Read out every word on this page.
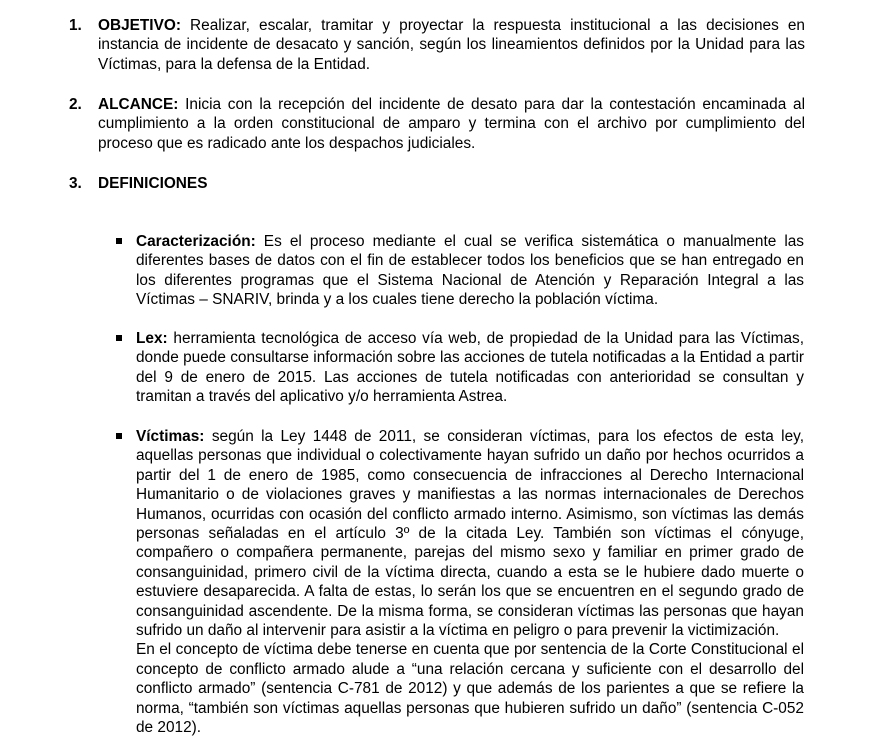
1. OBJETIVO: Realizar, escalar, tramitar y proyectar la respuesta institucional a las decisiones en instancia de incidente de desacato y sanción, según los lineamientos definidos por la Unidad para las Víctimas, para la defensa de la Entidad.
2. ALCANCE: Inicia con la recepción del incidente de desato para dar la contestación encaminada al cumplimiento a la orden constitucional de amparo y termina con el archivo por cumplimiento del proceso que es radicado ante los despachos judiciales.
3. DEFINICIONES
Caracterización: Es el proceso mediante el cual se verifica sistemática o manualmente las diferentes bases de datos con el fin de establecer todos los beneficios que se han entregado en los diferentes programas que el Sistema Nacional de Atención y Reparación Integral a las Víctimas – SNARIV, brinda y a los cuales tiene derecho la población víctima.
Lex: herramienta tecnológica de acceso vía web, de propiedad de la Unidad para las Víctimas, donde puede consultarse información sobre las acciones de tutela notificadas a la Entidad a partir del 9 de enero de 2015. Las acciones de tutela notificadas con anterioridad se consultan y tramitan a través del aplicativo y/o herramienta Astrea.
Víctimas: según la Ley 1448 de 2011, se consideran víctimas, para los efectos de esta ley, aquellas personas que individual o colectivamente hayan sufrido un daño por hechos ocurridos a partir del 1 de enero de 1985, como consecuencia de infracciones al Derecho Internacional Humanitario o de violaciones graves y manifiestas a las normas internacionales de Derechos Humanos, ocurridas con ocasión del conflicto armado interno. Asimismo, son víctimas las demás personas señaladas en el artículo 3º de la citada Ley. También son víctimas el cónyuge, compañero o compañera permanente, parejas del mismo sexo y familiar en primer grado de consanguinidad, primero civil de la víctima directa, cuando a esta se le hubiere dado muerte o estuviere desaparecida. A falta de estas, lo serán los que se encuentren en el segundo grado de consanguinidad ascendente. De la misma forma, se consideran víctimas las personas que hayan sufrido un daño al intervenir para asistir a la víctima en peligro o para prevenir la victimización.
En el concepto de víctima debe tenerse en cuenta que por sentencia de la Corte Constitucional el concepto de conflicto armado alude a “una relación cercana y suficiente con el desarrollo del conflicto armado” (sentencia C-781 de 2012) y que además de los parientes a que se refiere la norma, “también son víctimas aquellas personas que hubieren sufrido un daño” (sentencia C-052 de 2012).
